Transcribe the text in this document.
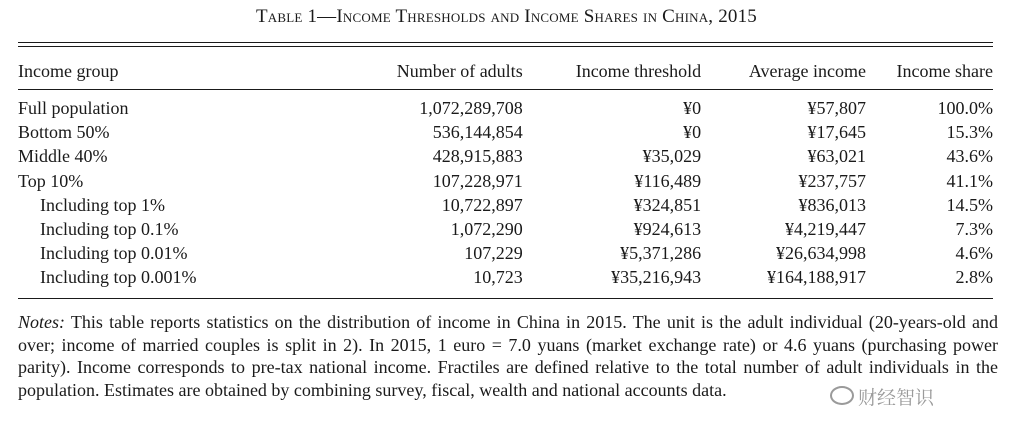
Table 1—Income Thresholds and Income Shares in China, 2015
Income group	Number of adults	Income threshold	Average income	Income share

Full population	1,072,289,708	¥0	¥57,807	100.0%
Bottom 50%	536,144,854	¥0	¥17,645	15.3%
Middle 40%	428,915,883	¥35,029	¥63,021	43.6%
Top 10%	107,228,971	¥116,489	¥237,757	41.1%
Including top 1%	10,722,897	¥324,851	¥836,013	14.5%
Including top 0.1%	1,072,290	¥924,613	¥4,219,447	7.3%
Including top 0.01%	107,229	¥5,371,286	¥26,634,998	4.6%
Including top 0.001%	10,723	¥35,216,943	¥164,188,917	2.8%
Notes: This table reports statistics on the distribution of income in China in 2015. The unit is the adult individual (20-years-old and over; income of married couples is split in 2). In 2015, 1 euro = 7.0 yuans (market exchange rate) or 4.6 yuans (purchasing power parity). Income corresponds to pre-tax national income. Fractiles are defined relative to the total number of adult individuals in the population. Estimates are obtained by combining survey, fiscal, wealth and national accounts data.	财经智识
